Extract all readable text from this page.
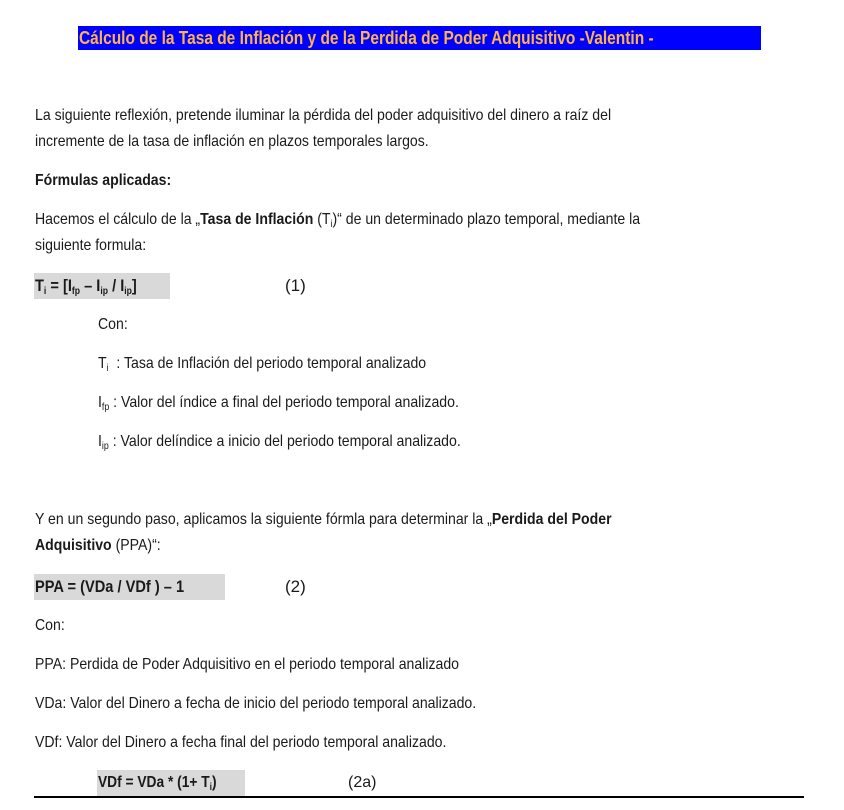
Cálculo de la Tasa de Inflación y de la Perdida de Poder Adquisitivo -Valentin -
La siguiente reflexión, pretende iluminar la pérdida del poder adquisitivo del dinero a raíz del
incremente de la tasa de inflación en plazos temporales largos.
Fórmulas aplicadas:
Hacemos el cálculo de la „Tasa de Inflación $(T_i)“$ de un determinado plazo temporal, mediante la
siguiente formula:
$T_i = [I_{fp} - I_{ip} / I_{ip}]$	(1)
Con:
$T_i$  : Tasa de Inflación del periodo temporal analizado
$I_{fp}$ : Valor del índice a final del periodo temporal analizado.
$I_{ip}$ : Valor delíndice a inicio del periodo temporal analizado.
Y en un segundo paso, aplicamos la siguiente fórmla para determinar la „Perdida del Poder
Adquisitivo (PPA)“:
PPA = (VDa / VDf ) – 1	(2)
Con:
PPA: Perdida de Poder Adquisitivo en el periodo temporal analizado
VDa: Valor del Dinero a fecha de inicio del periodo temporal analizado.
VDf: Valor del Dinero a fecha final del periodo temporal analizado.
VDf = VDa * $(1+ T_i)$	(2a)
